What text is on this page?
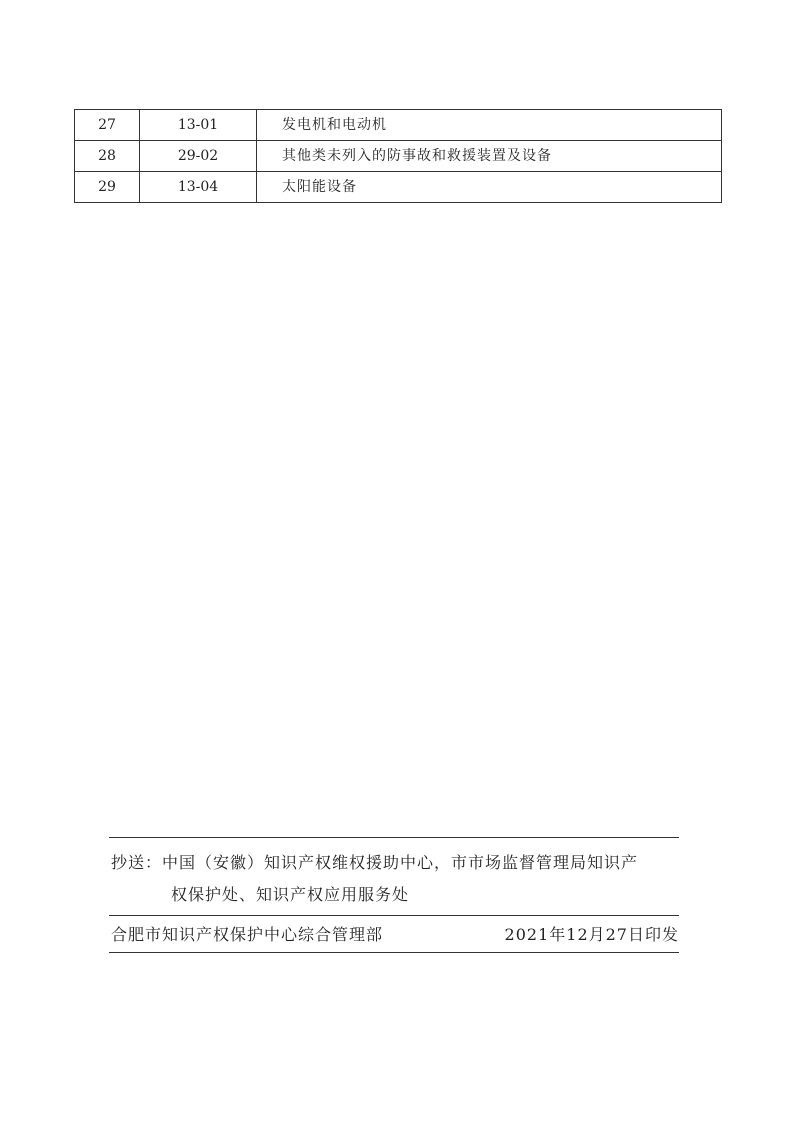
27	13-01	发电机和电动机
28	29-02	其他类未列入的防事故和救援装置及设备
29	13-04	太阳能设备
抄送：中国（安徽）知识产权维权援助中心，市市场监督管理局知识产
权保护处、知识产权应用服务处
合肥市知识产权保护中心综合管理部	2021年12月27日印发
